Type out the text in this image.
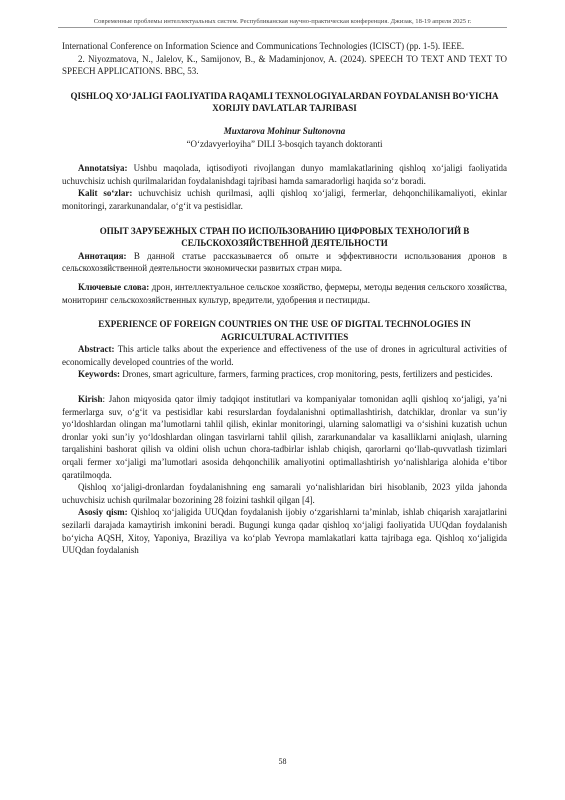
Современные проблемы интеллектуальных систем. Республиканская научно-практическая конференция. Джизак, 18-19 апреля 2025 г.

International Conference on Information Science and Communications Technologies (ICISCT) (pp. 1-5). IEEE.

2. Niyozmatova, N., Jalelov, K., Samijonov, B., & Madaminjonov, A. (2024). SPEECH TO TEXT AND TEXT TO SPEECH APPLICATIONS. BBC, 53.

QISHLOQ XO‘JALIGI FAOLIYATIDA RAQAMLI TEXNOLOGIYALARDAN FOYDALANISH BO‘YICHA XORIJIY DAVLATLAR TAJRIBASI
Muxtarova Mohinur Sultonovna
“O‘zdavyerloyiha” DILI 3-bosqich tayanch doktoranti

Annotatsiya: Ushbu maqolada, iqtisodiyoti rivojlangan dunyo mamlakatlarining qishloq xo‘jaligi faoliyatida uchuvchisiz uchish qurilmalaridan foydalanishdagi tajribasi hamda samaradorligi haqida so‘z boradi.

Kalit so‘zlar: uchuvchisiz uchish qurilmasi, aqlli qishloq xo‘jaligi, fermerlar, dehqonchilikamaliyoti, ekinlar monitoringi, zararkunandalar, o‘g‘it va pestisidlar.

ОПЫТ ЗАРУБЕЖНЫХ СТРАН ПО ИСПОЛЬЗОВАНИЮ ЦИФРОВЫХ ТЕХНОЛОГИЙ В СЕЛЬСКОХОЗЯЙСТВЕННОЙ ДЕЯТЕЛЬНОСТИ

Аннотация: В данной статье рассказывается об опыте и эффективности использования дронов в сельскохозяйственной деятельности экономически развитых стран мира.

Ключевые слова: дрон, интеллектуальное сельское хозяйство, фермеры, методы ведения сельского хозяйства, мониторинг сельскохозяйственных культур, вредители, удобрения и пестициды.

EXPERIENCE OF FOREIGN COUNTRIES ON THE USE OF DIGITAL TECHNOLOGIES IN AGRICULTURAL ACTIVITIES

Abstract: This article talks about the experience and effectiveness of the use of drones in agricultural activities of economically developed countries of the world.

Keywords: Drones, smart agriculture, farmers, farming practices, crop monitoring, pests, fertilizers and pesticides.

Kirish: Jahon miqyosida qator ilmiy tadqiqot institutlari va kompaniyalar tomonidan aqlli qishloq xo‘jaligi, ya’ni fermerlarga suv, o‘g‘it va pestisidlar kabi resurslardan foydalanishni optimallashtirish, datchiklar, dronlar va sun’iy yo‘ldoshlardan olingan ma’lumotlarni tahlil qilish, ekinlar monitoringi, ularning salomatligi va o‘sishini kuzatish uchun dronlar yoki sun’iy yo‘ldoshlardan olingan tasvirlarni tahlil qilish, zararkunandalar va kasalliklarni aniqlash, ularning tarqalishini bashorat qilish va oldini olish uchun chora-tadbirlar ishlab chiqish, qarorlarni qo‘llab-quvvatlash tizimlari orqali fermer xo‘jaligi ma’lumotlari asosida dehqonchilik amaliyotini optimallashtirish yo‘nalishlariga alohida e’tibor qaratilmoqda.

Qishloq xo‘jaligi-dronlardan foydalanishning eng samarali yo‘nalishlaridan biri hisoblanib, 2023 yilda jahonda uchuvchisiz uchish qurilmalar bozorining 28 foizini tashkil qilgan [4].

Asosiy qism: Qishloq xo‘jaligida UUQdan foydalanish ijobiy o‘zgarishlarni ta’minlab, ishlab chiqarish xarajatlarini sezilarli darajada kamaytirish imkonini beradi. Bugungi kunga qadar qishloq xo‘jaligi faoliyatida UUQdan foydalanish bo‘yicha AQSH, Xitoy, Yaponiya, Braziliya va ko‘plab Yevropa mamlakatlari katta tajribaga ega. Qishloq xo‘jaligida UUQdan foydalanish

58
